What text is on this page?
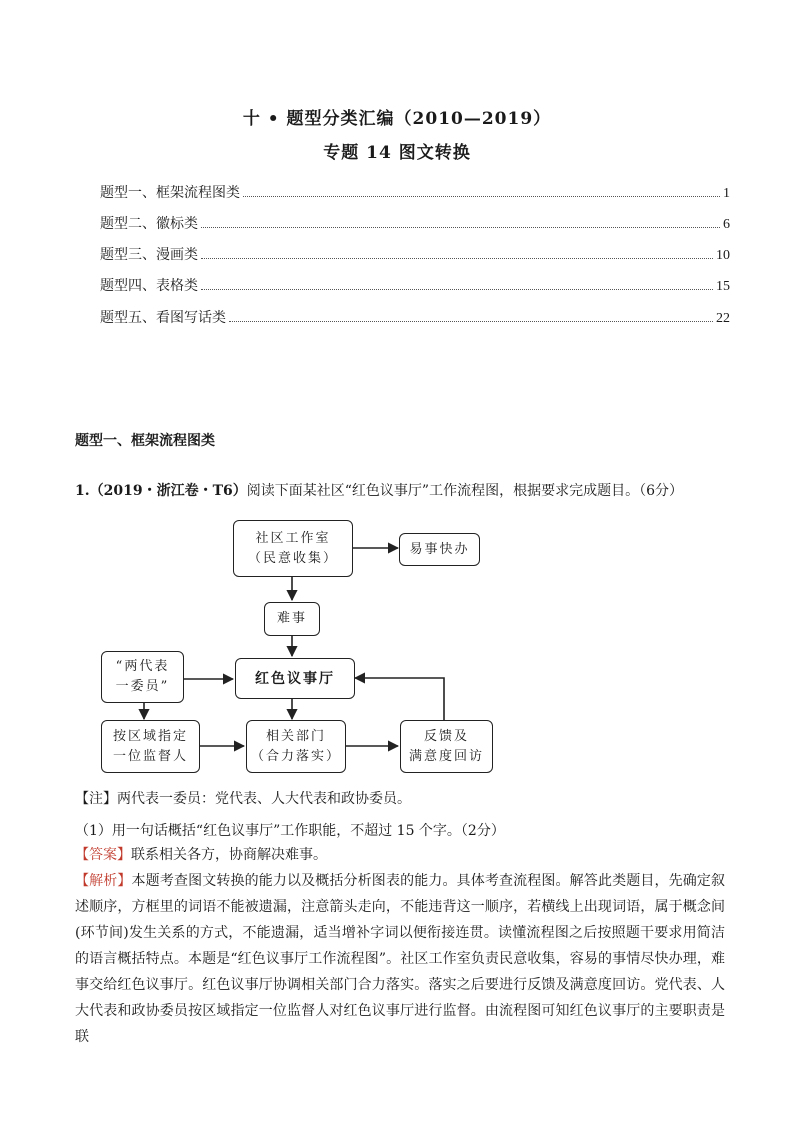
十 • 题型分类汇编（2010—2019）
专题 14 图文转换
题型一、框架流程图类	1
题型二、徽标类	6
题型三、漫画类	10
题型四、表格类	15
题型五、看图写话类	22
题型一、框架流程图类
1.（2019・浙江卷・T6）阅读下面某社区“红色议事厅”工作流程图，根据要求完成题目。（6分）
社区工作室
（民意收集）
易事快办
难事
“两代表
一委员”	红色议事厅
按区域指定
一位监督人
相关部门
（合力落实）
反馈及
满意度回访
【注】两代表一委员：党代表、人大代表和政协委员。
（1）用一句话概括“红色议事厅”工作职能，不超过 15 个字。（2分）
【答案】联系相关各方，协商解决难事。
【解析】本题考查图文转换的能力以及概括分析图表的能力。具体考查流程图。解答此类题目，先确定叙述顺序，方框里的词语不能被遗漏，注意箭头走向，不能违背这一顺序，若横线上出现词语，属于概念间(环节间)发生关系的方式，不能遗漏，适当增补字词以便衔接连贯。读懂流程图之后按照题干要求用简洁的语言概括特点。本题是“红色议事厅工作流程图”。社区工作室负责民意收集，容易的事情尽快办理，难事交给红色议事厅。红色议事厅协调相关部门合力落实。落实之后要进行反馈及满意度回访。党代表、人大代表和政协委员按区域指定一位监督人对红色议事厅进行监督。由流程图可知红色议事厅的主要职责是联
